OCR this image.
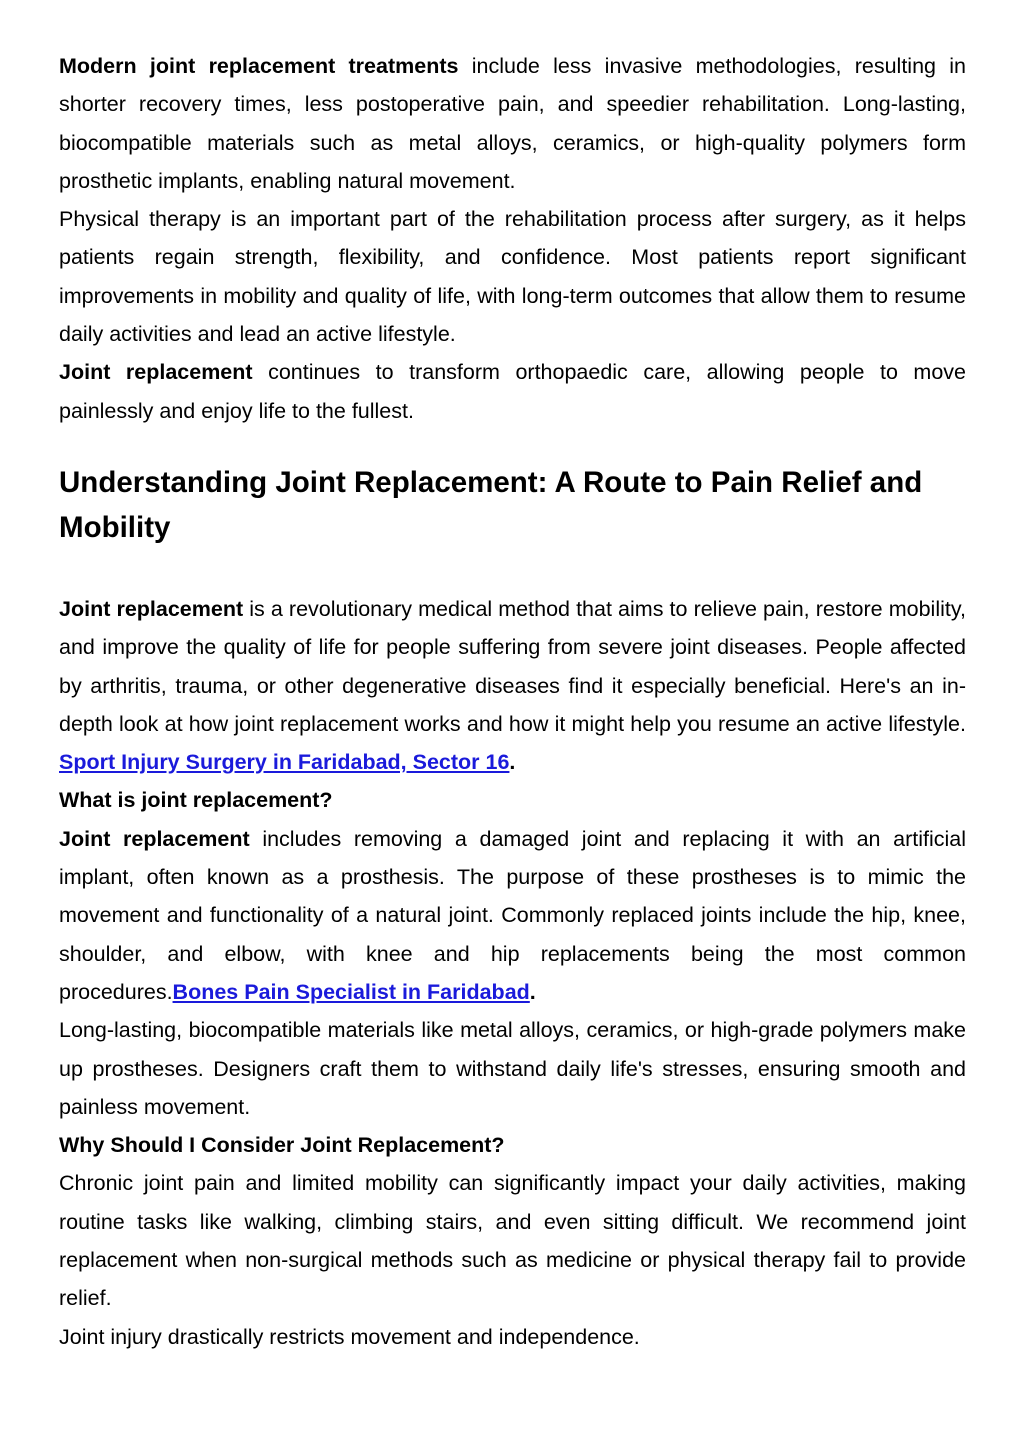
Modern joint replacement treatments include less invasive methodologies, resulting in shorter recovery times, less postoperative pain, and speedier rehabilitation. Long-lasting, biocompatible materials such as metal alloys, ceramics, or high-quality polymers form prosthetic implants, enabling natural movement.

Physical therapy is an important part of the rehabilitation process after surgery, as it helps patients regain strength, flexibility, and confidence. Most patients report significant improvements in mobility and quality of life, with long-term outcomes that allow them to resume daily activities and lead an active lifestyle.

Joint replacement continues to transform orthopaedic care, allowing people to move painlessly and enjoy life to the fullest.

Understanding Joint Replacement: A Route to Pain Relief and Mobility

Joint replacement is a revolutionary medical method that aims to relieve pain, restore mobility, and improve the quality of life for people suffering from severe joint diseases. People affected by arthritis, trauma, or other degenerative diseases find it especially beneficial. Here's an in-depth look at how joint replacement works and how it might help you resume an active lifestyle. Sport Injury Surgery in Faridabad, Sector 16.

What is joint replacement?

Joint replacement includes removing a damaged joint and replacing it with an artificial implant, often known as a prosthesis. The purpose of these prostheses is to mimic the movement and functionality of a natural joint. Commonly replaced joints include the hip, knee, shoulder, and elbow, with knee and hip replacements being the most common procedures.Bones Pain Specialist in Faridabad.

Long-lasting, biocompatible materials like metal alloys, ceramics, or high-grade polymers make up prostheses. Designers craft them to withstand daily life's stresses, ensuring smooth and painless movement.

Why Should I Consider Joint Replacement?

Chronic joint pain and limited mobility can significantly impact your daily activities, making routine tasks like walking, climbing stairs, and even sitting difficult. We recommend joint replacement when non-surgical methods such as medicine or physical therapy fail to provide relief.

Joint injury drastically restricts movement and independence.
